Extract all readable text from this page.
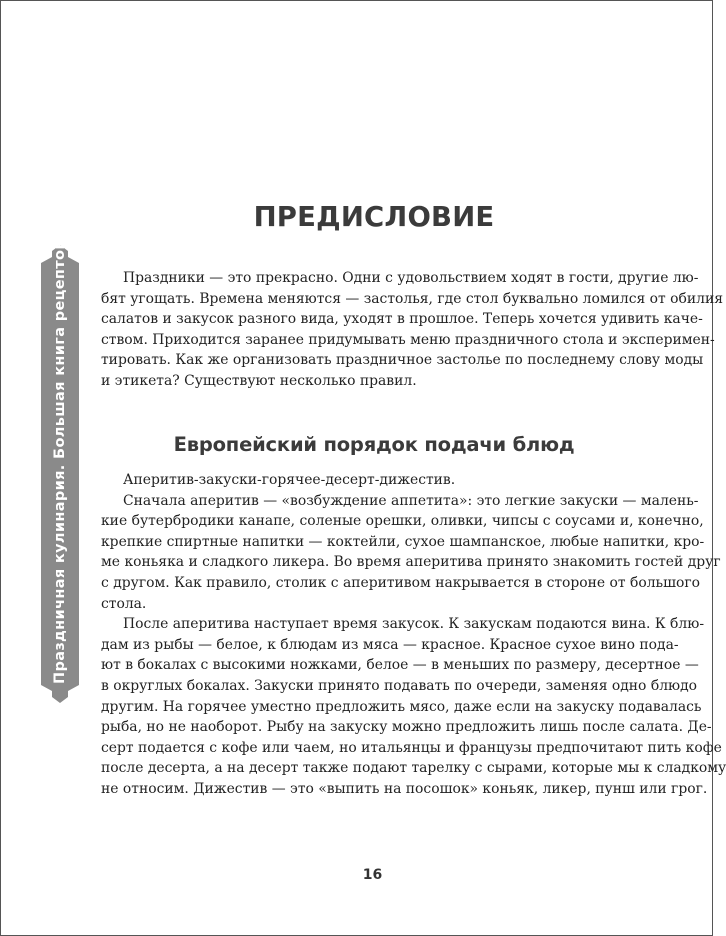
Праздничная кулинария. Большая книга рецептов
ПРЕДИСЛОВИЕ
Праздники — это прекрасно. Одни с удовольствием ходят в гости, другие лю-
бят угощать. Времена меняются — застолья, где стол буквально ломился от обилия
салатов и закусок разного вида, уходят в прошлое. Теперь хочется удивить каче-
ством. Приходится заранее придумывать меню праздничного стола и эксперимен-
тировать. Как же организовать праздничное застолье по последнему слову моды
и этикета? Существуют несколько правил.
Европейский порядок подачи блюд
Аперитив-закуски-горячее-десерт-дижестив.
Сначала аперитив — «возбуждение аппетита»: это легкие закуски — малень-
кие бутербродики канапе, соленые орешки, оливки, чипсы с соусами и, конечно,
крепкие спиртные напитки — коктейли, сухое шампанское, любые напитки, кро-
ме коньяка и сладкого ликера. Во время аперитива принято знакомить гостей друг
с другом. Как правило, столик с аперитивом накрывается в стороне от большого
стола.
После аперитива наступает время закусок. К закускам подаются вина. К блю-
дам из рыбы — белое, к блюдам из мяса — красное. Красное сухое вино пода-
ют в бокалах с высокими ножками, белое — в меньших по размеру, десертное —
в округлых бокалах. Закуски принято подавать по очереди, заменяя одно блюдо
другим. На горячее уместно предложить мясо, даже если на закуску подавалась
рыба, но не наоборот. Рыбу на закуску можно предложить лишь после салата. Де-
серт подается с кофе или чаем, но итальянцы и французы предпочитают пить кофе
после десерта, а на десерт также подают тарелку с сырами, которые мы к сладкому
не относим. Дижестив — это «выпить на посошок» коньяк, ликер, пунш или грог.
16
